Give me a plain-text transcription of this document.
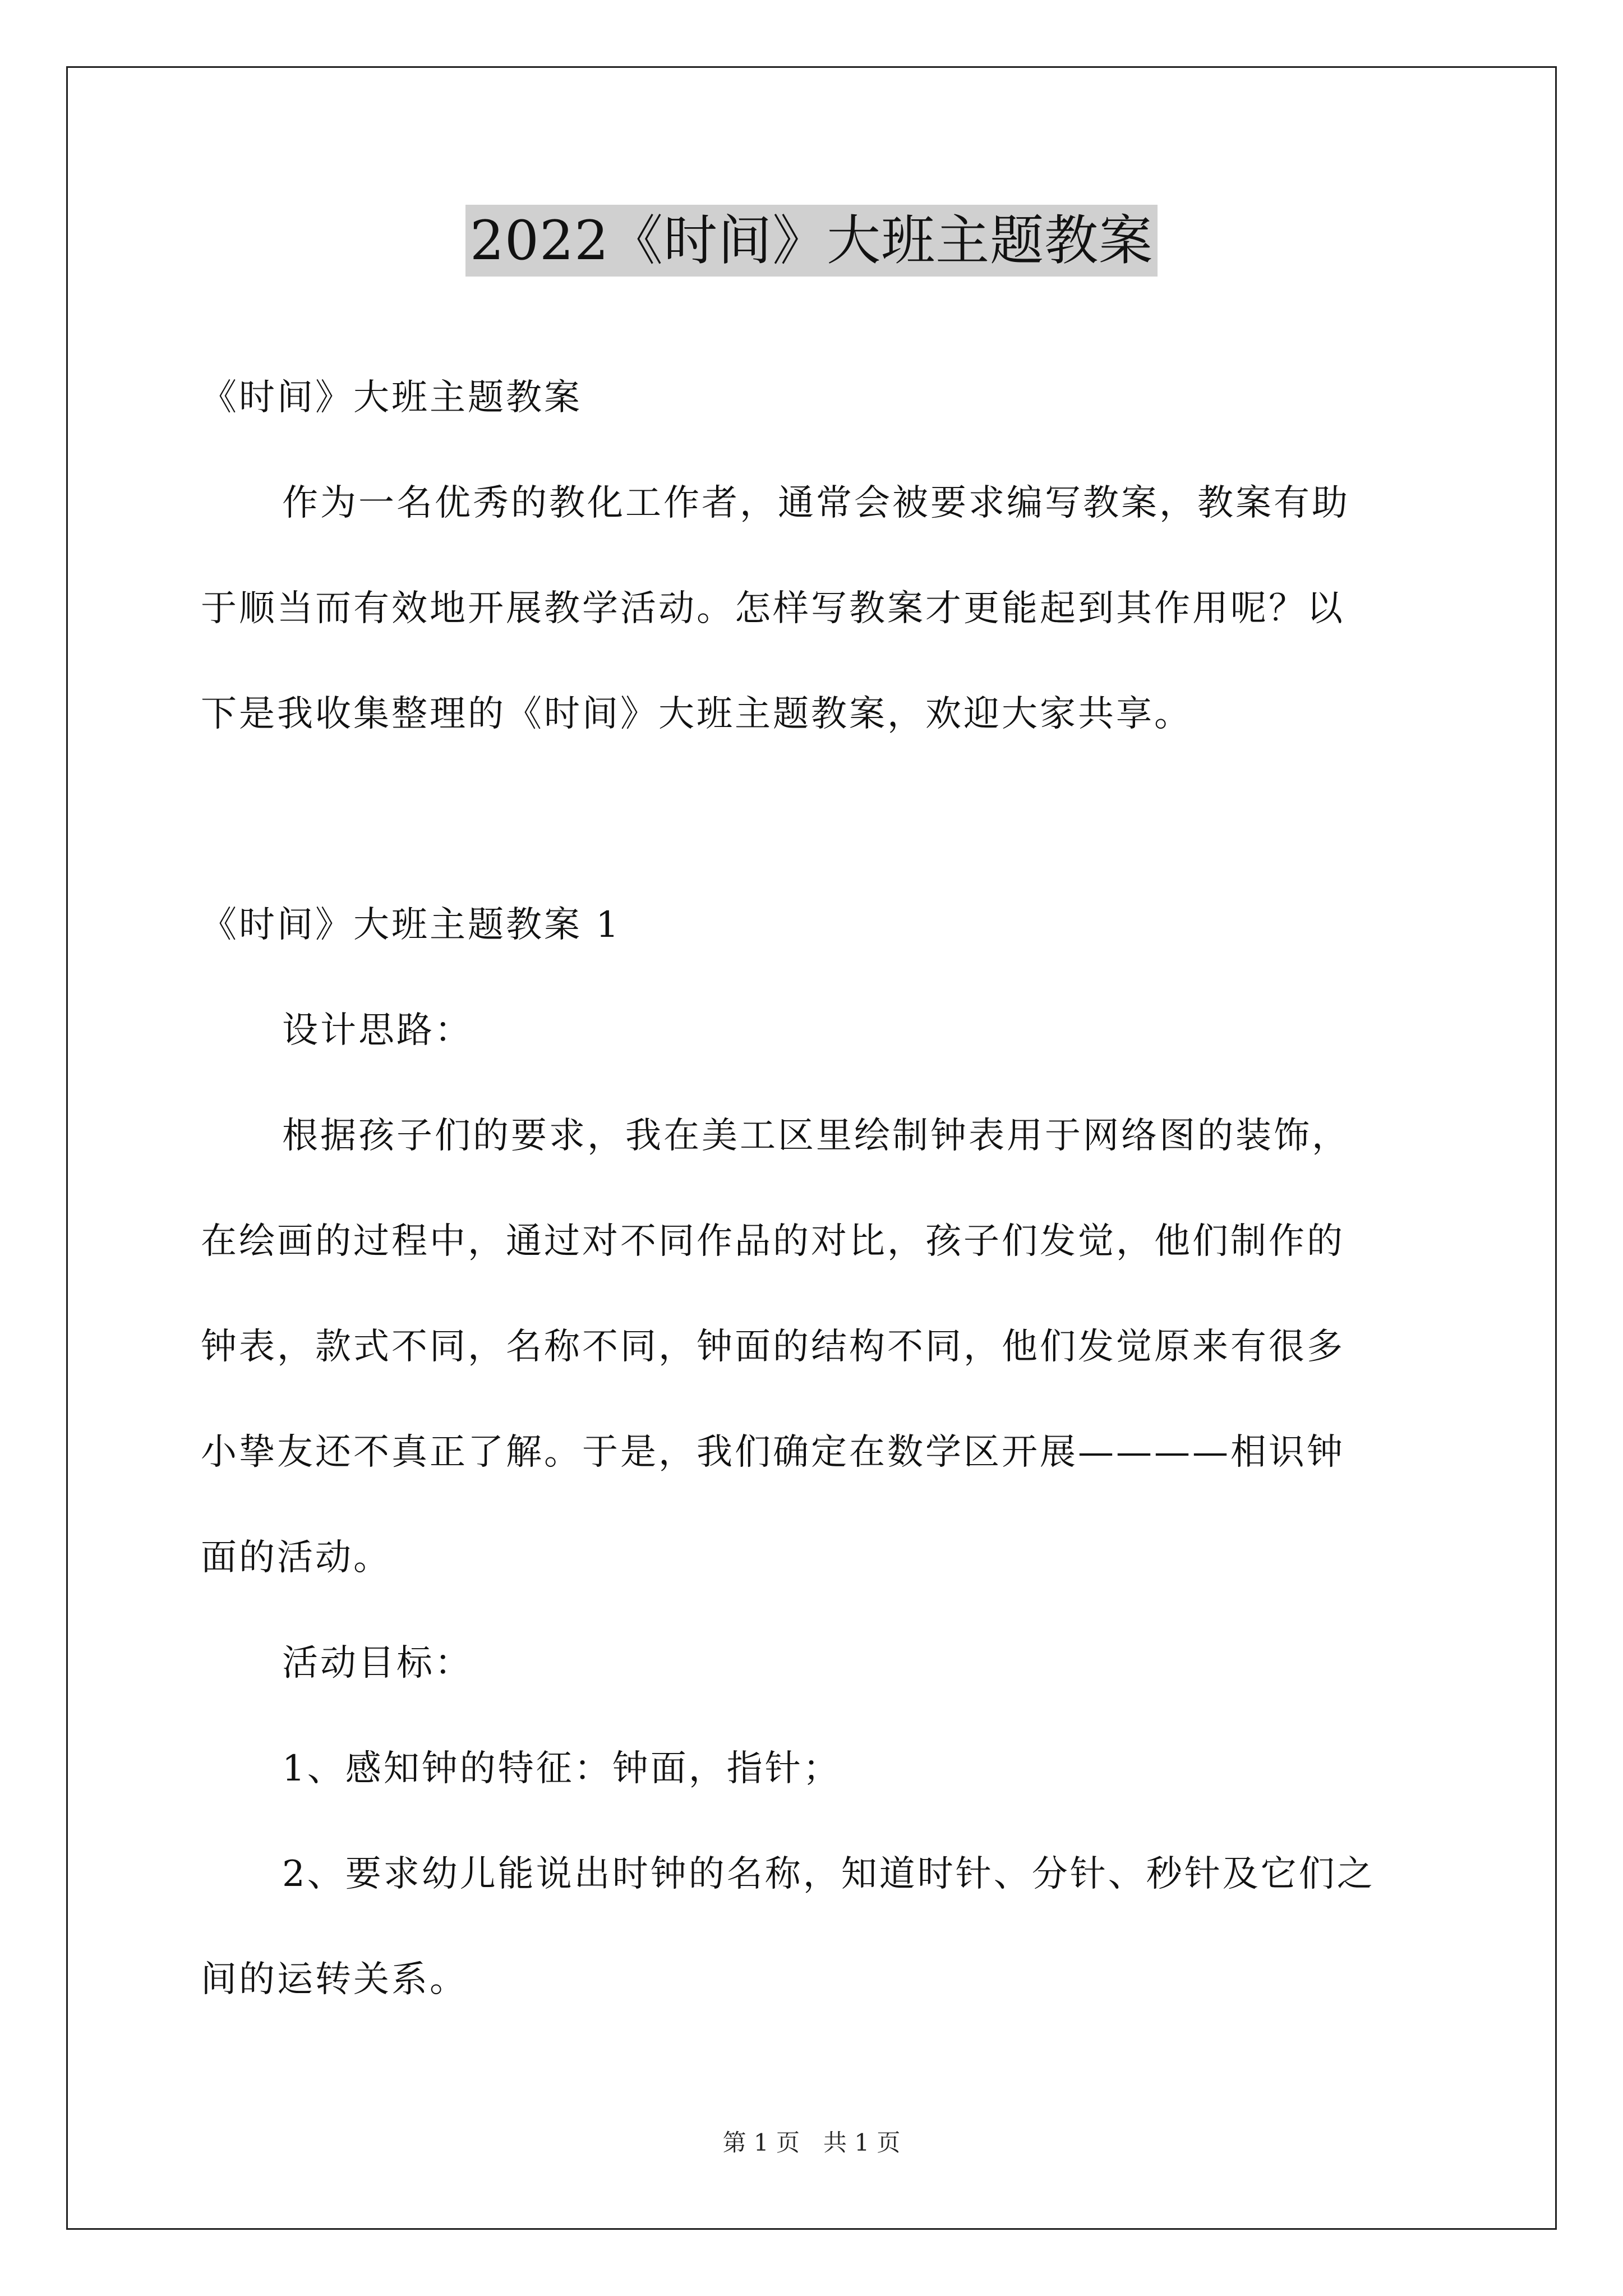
2022《时间》大班主题教案
《时间》大班主题教案
作为一名优秀的教化工作者，通常会被要求编写教案，教案有助
于顺当而有效地开展教学活动。怎样写教案才更能起到其作用呢？以
下是我收集整理的《时间》大班主题教案，欢迎大家共享。
《时间》大班主题教案 1
设计思路：
根据孩子们的要求，我在美工区里绘制钟表用于网络图的装饰，
在绘画的过程中，通过对不同作品的对比，孩子们发觉，他们制作的
钟表，款式不同，名称不同，钟面的结构不同，他们发觉原来有很多
小挚友还不真正了解。于是，我们确定在数学区开展————相识钟
面的活动。
活动目标：
1、感知钟的特征：钟面，指针；
2、要求幼儿能说出时钟的名称，知道时针、分针、秒针及它们之
间的运转关系。
第 1 页　共 1 页
